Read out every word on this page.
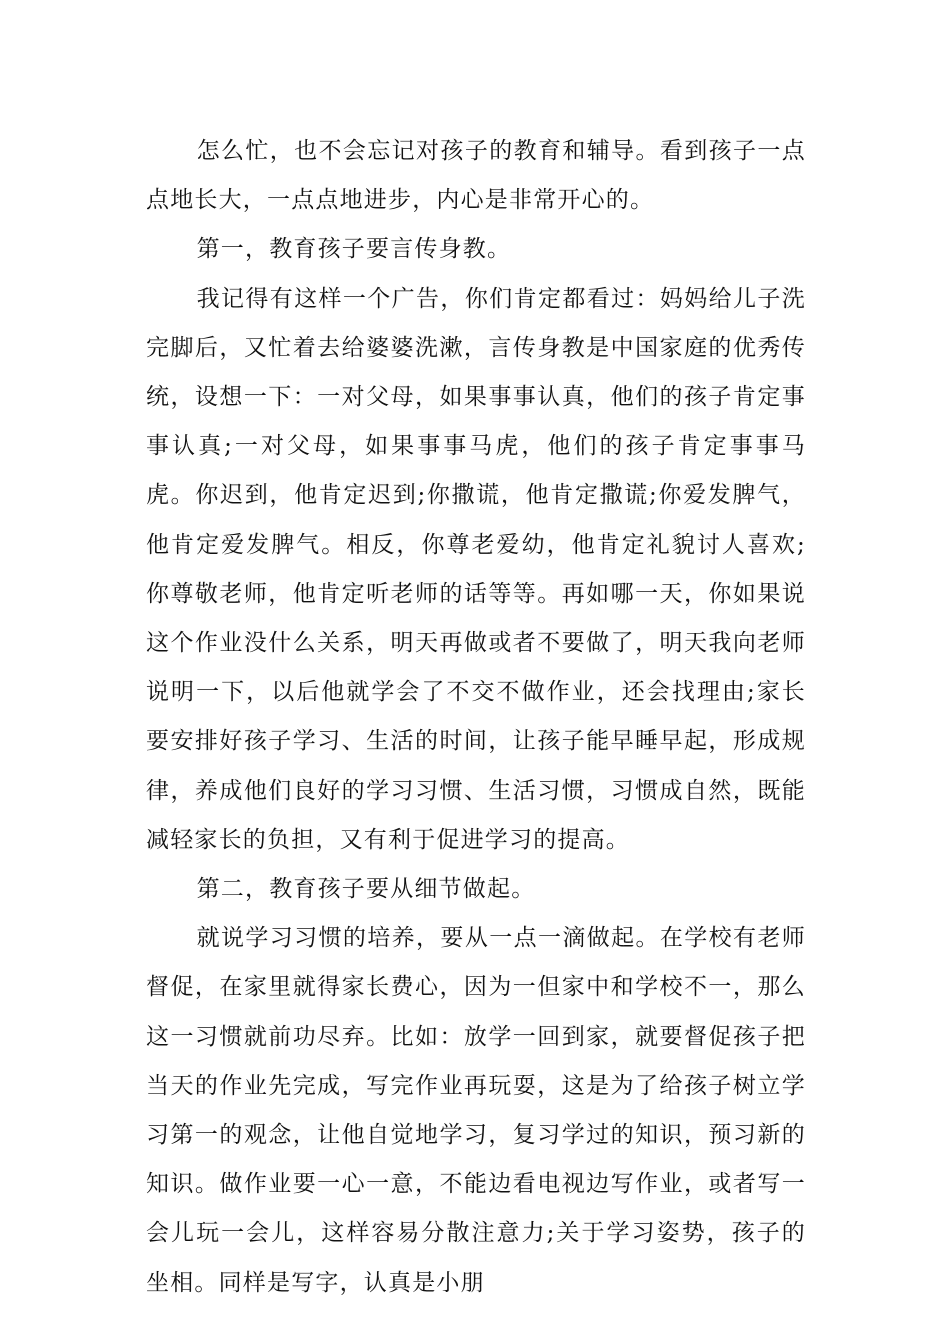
怎么忙，也不会忘记对孩子的教育和辅导。看到孩子一点点地长大，一点点地进步，内心是非常开心的。

第一，教育孩子要言传身教。

我记得有这样一个广告，你们肯定都看过：妈妈给儿子洗完脚后，又忙着去给婆婆洗漱，言传身教是中国家庭的优秀传统，设想一下：一对父母，如果事事认真，他们的孩子肯定事事认真;一对父母，如果事事马虎，他们的孩子肯定事事马虎。你迟到，他肯定迟到;你撒谎，他肯定撒谎;你爱发脾气，他肯定爱发脾气。相反，你尊老爱幼，他肯定礼貌讨人喜欢;你尊敬老师，他肯定听老师的话等等。再如哪一天，你如果说这个作业没什么关系，明天再做或者不要做了，明天我向老师说明一下，以后他就学会了不交不做作业，还会找理由;家长要安排好孩子学习、生活的时间，让孩子能早睡早起，形成规律，养成他们良好的学习习惯、生活习惯，习惯成自然，既能减轻家长的负担，又有利于促进学习的提高。

第二，教育孩子要从细节做起。

就说学习习惯的培养，要从一点一滴做起。在学校有老师督促，在家里就得家长费心，因为一但家中和学校不一，那么这一习惯就前功尽弃。比如：放学一回到家，就要督促孩子把当天的作业先完成，写完作业再玩耍，这是为了给孩子树立学习第一的观念，让他自觉地学习，复习学过的知识，预习新的知识。做作业要一心一意，不能边看电视边写作业，或者写一会儿玩一会儿，这样容易分散注意力;关于学习姿势，孩子的坐相。同样是写字，认真是小朋
